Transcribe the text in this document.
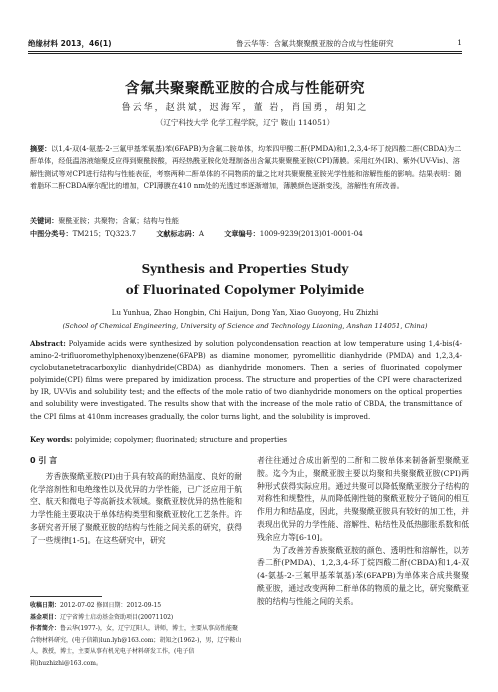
绝缘材料 2013，46(1)	鲁云华等：含氟共聚聚酰亚胺的合成与性能研究	1
含氟共聚聚酰亚胺的合成与性能研究
鲁云华，赵洪斌，迟海军，董 岩，肖国勇，胡知之
（辽宁科技大学 化学工程学院，辽宁 鞍山 114051）
摘要：以1,4-双(4-氨基-2-三氟甲基苯氧基)苯(6FAPB)为含氟二胺单体，均苯四甲酸二酐(PMDA)和1,2,3,4-环丁烷四酸二酐(CBDA)为二酐单体，经低温溶液缩聚反应得到聚酰胺酸，再经热酰亚胺化处理制备出含氟共聚聚酰亚胺(CPI)薄膜。采用红外(IR)、紫外(UV-Vis)、溶解性测试等对CPI进行结构与性能表征，考察两种二酐单体的不同物质的量之比对共聚聚酰亚胺光学性能和溶解性能的影响。结果表明：随着脂环二酐CBDA摩尔配比的增加，CPI薄膜在410 nm处的光透过率逐渐增加，薄膜颜色逐渐变浅，溶解性有所改善。
关键词：聚酰亚胺；共聚物；含氟；结构与性能
中图分类号：TM215；TQ323.7	文献标志码：A	文章编号：1009-9239(2013)01-0001-04
Synthesis and Properties Study
of Fluorinated Copolymer Polyimide
Lu Yunhua, Zhao Hongbin, Chi Haijun, Dong Yan, Xiao Guoyong, Hu Zhizhi
(School of Chemical Engineering, University of Science and Technology Liaoning, Anshan 114051, China)
Abstract: Polyamide acids were synthesized by solution polycondensation reaction at low temperature using 1,4-bis(4-amino-2-trifluoromethylphenoxy)benzene(6FAPB) as diamine monomer, pyromellitic dianhydride (PMDA) and 1,2,3,4-cyclobutanetetracarboxylic dianhydride(CBDA) as dianhydride monomers. Then a series of fluorinated copolymer polyimide(CPI) films were prepared by imidization process. The structure and properties of the CPI were characterized by IR, UV-Vis and solubility test; and the effects of the mole ratio of two dianhydride monomers on the optical properties and solubility were investigated. The results show that with the increase of the mole ratio of CBDA, the transmittance of the CPI films at 410nm increases gradually, the color turns light, and the solubility is improved.
Key words: polyimide; copolymer; fluorinated; structure and properties
0 引 言

芳香族聚酰亚胺(PI)由于具有较高的耐热温度、良好的耐化学溶剂性和电绝缘性以及优异的力学性能，已广泛应用于航空、航天和微电子等高新技术领域。聚酰亚胺优异的热性能和力学性能主要取决于单体结构类型和聚酰亚胺化工艺条件。许多研究者开展了聚酰亚胺的结构与性能之间关系的研究，获得了一些规律[1-5]。在这些研究中，研究

者往往通过合成出新型的二酐和二胺单体来制备新型聚酰亚胺。迄今为止，聚酰亚胺主要以均聚和共聚聚酰亚胺(CPI)两种形式获得实际应用。通过共聚可以降低聚酰亚胺分子结构的对称性和规整性，从而降低刚性链的聚酰亚胺分子链间的相互作用力和结晶度，因此，共聚聚酰亚胺具有较好的加工性，并表现出优异的力学性能、溶解性、粘结性及低热膨胀系数和低残余应力等[6-10]。

为了改善芳香族聚酰亚胺的颜色、透明性和溶解性，以芳香二酐(PMDA)、1,2,3,4-环丁烷四酸二酐(CBDA)和1,4-双(4-氨基-2-三氟甲基苯氧基)苯(6FAPB)为单体来合成共聚聚酰亚胺，通过改变两种二酐单体的物质的量之比，研究聚酰亚胺的结构与性能之间的关系。

收稿日期：2012-07-02 修回日期：2012-09-15
基金项目：辽宁省博士启动基金资助项目(20071102)
作者简介：鲁云华(1977-)，女，辽宁辽阳人，讲师，博士，主要从事高性能聚合物材料研究，(电子信箱)lun.lyh@163.com；胡知之(1962-)，男，辽宁鞍山人，教授，博士，主要从事有机光电子材料研发工作，(电子信箱)huzhizhi@163.com。
